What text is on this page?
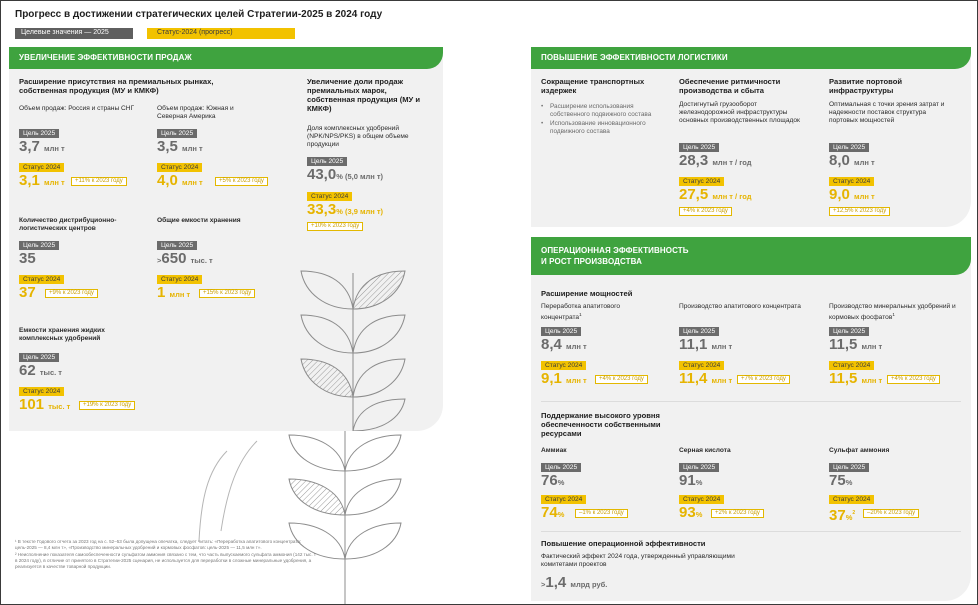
Прогресс в достижении стратегических целей Стратегии-2025 в 2024 году
Целевые значения — 2025	Статус-2024 (прогресс)
УВЕЛИЧЕНИЕ ЭФФЕКТИВНОСТИ ПРОДАЖ
Расширение присутствия на премиальных рынках, собственная продукция (МУ и КМКФ)
Объем продаж: Россия и страны СНГ
Цель 2025
3,7 млн т
Статус 2024
3,1 млн т	+11% к 2023 году
Объем продаж: Южная и Северная Америка
Цель 2025
3,5 млн т
Статус 2024
4,0 млн т	+5% к 2023 году
Увеличение доли продаж премиальных марок, собственная продукция (МУ и КМКФ)
Доля комплексных удобрений (NPK/NPS/PKS) в общем объеме продукции
Цель 2025
43,0% (5,0 млн т)
Статус 2024
33,3% (3,9 млн т)
+10% к 2023 году
Количество дистрибуционно-логистических центров
Цель 2025
35
Статус 2024
37	+9% к 2023 году
Общие емкости хранения
Цель 2025
>650 тыс. т
Статус 2024
1 млн т	+15% к 2023 году
Емкости хранения жидких комплексных удобрений
Цель 2025
62 тыс. т
Статус 2024
101 тыс. т	+19% к 2023 году

¹ В тексте Годового отчета за 2023 год на с. 52–53 была допущена опечатка, следует читать: «Переработка апатитового концентрата: цель-2025 — 8,4 млн т», «Производство минеральных удобрений и кормовых фосфатов: цель-2025 — 11,5 млн т».

² Неисполнение показателя самообеспеченности сульфатом аммония связано с тем, что часть выпускаемого сульфата аммония (142 тыс. т в 2024 году), в отличие от принятого в Стратегии-2025 сценария, не используется для переработки в сложные минеральные удобрения, а реализуется в качестве товарной продукции.

ПОВЫШЕНИЕ ЭФФЕКТИВНОСТИ ЛОГИСТИКИ
Сокращение транспортных издержек
• Расширение использования собственного подвижного состава
• Использование инновационного подвижного состава
Обеспечение ритмичности производства и сбыта
Достигнутый грузооборот железнодорожной инфраструктуры основных производственных площадок
Цель 2025
28,3 млн т / год
Статус 2024
27,5 млн т / год
+4% к 2023 году
Развитие портовой инфраструктуры
Оптимальная с точки зрения затрат и надежности поставок структура портовых мощностей
Цель 2025
8,0 млн т
Статус 2024
9,0 млн т
+12,5% к 2023 году
ОПЕРАЦИОННАЯ ЭФФЕКТИВНОСТЬ
И РОСТ ПРОИЗВОДСТВА
Расширение мощностей
Переработка апатитового концентрата$^1$
Цель 2025
8,4 млн т
Статус 2024
9,1 млн т	+4% к 2023 году
Производство апатитового концентрата
Цель 2025
11,1 млн т
Статус 2024
11,4 млн т	+7% к 2023 году
Производство минеральных удобрений и кормовых фосфатов$^1$
Цель 2025
11,5 млн т
Статус 2024
11,5 млн т	+4% к 2023 году
Поддержание высокого уровня обеспеченности собственными ресурсами
Аммиак
Цель 2025
76%
Статус 2024
74%	–1% к 2023 году
Серная кислота
Цель 2025
91%
Статус 2024
93%	+2% к 2023 году
Сульфат аммония
Цель 2025
75%
Статус 2024
37%$^2$	–20% к 2023 году
Повышение операционной эффективности
Фактический эффект 2024 года, утвержденный управляющими комитетами проектов
>1,4 млрд руб.
